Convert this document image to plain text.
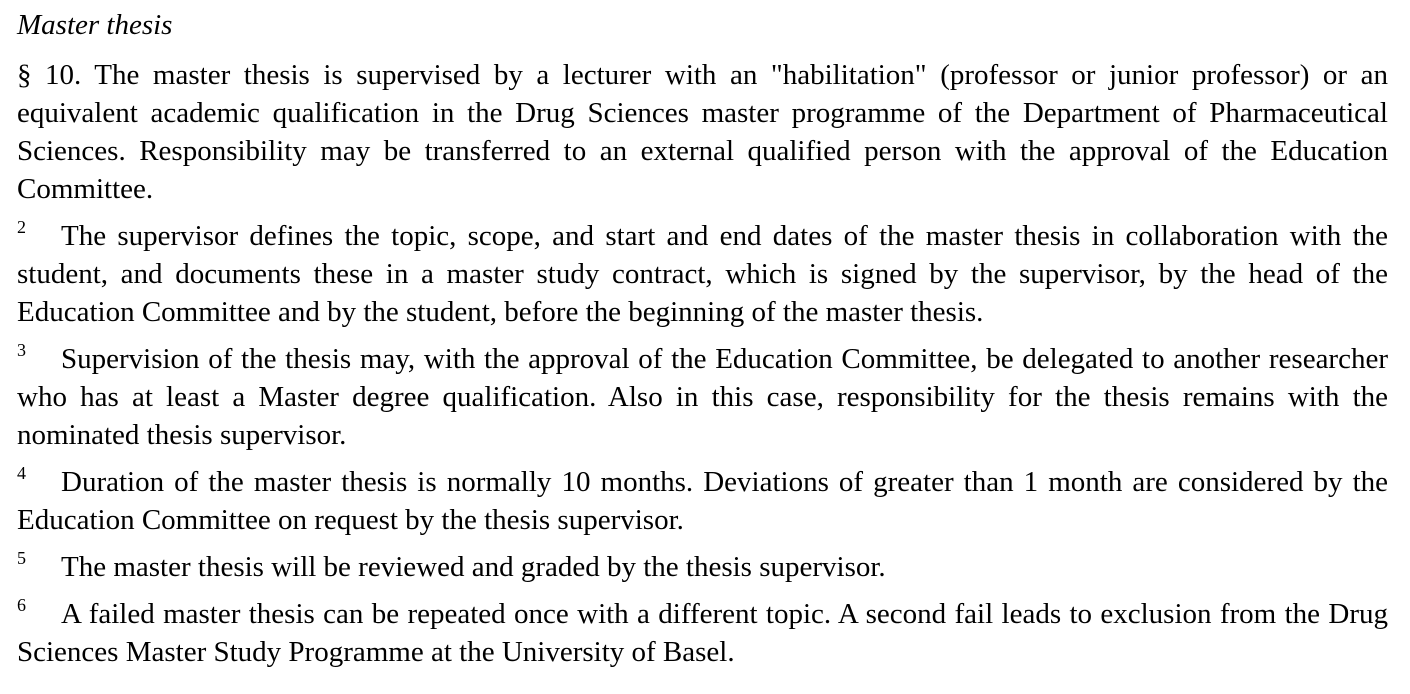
Master thesis

§ 10. The master thesis is supervised by a lecturer with an "habilitation" (professor or junior professor) or an equivalent academic qualification in the Drug Sciences master programme of the Department of Pharmaceutical Sciences. Responsibility may be transferred to an external qualified person with the approval of the Education Committee.

2 The supervisor defines the topic, scope, and start and end dates of the master thesis in collaboration with the student, and documents these in a master study contract, which is signed by the supervisor, by the head of the Education Committee and by the student, before the beginning of the master thesis.

3 Supervision of the thesis may, with the approval of the Education Committee, be delegated to another researcher who has at least a Master degree qualification. Also in this case, responsibility for the thesis remains with the nominated thesis supervisor.

4 Duration of the master thesis is normally 10 months. Deviations of greater than 1 month are considered by the Education Committee on request by the thesis supervisor.

5 The master thesis will be reviewed and graded by the thesis supervisor.

6 A failed master thesis can be repeated once with a different topic. A second fail leads to exclusion from the Drug Sciences Master Study Programme at the University of Basel.
